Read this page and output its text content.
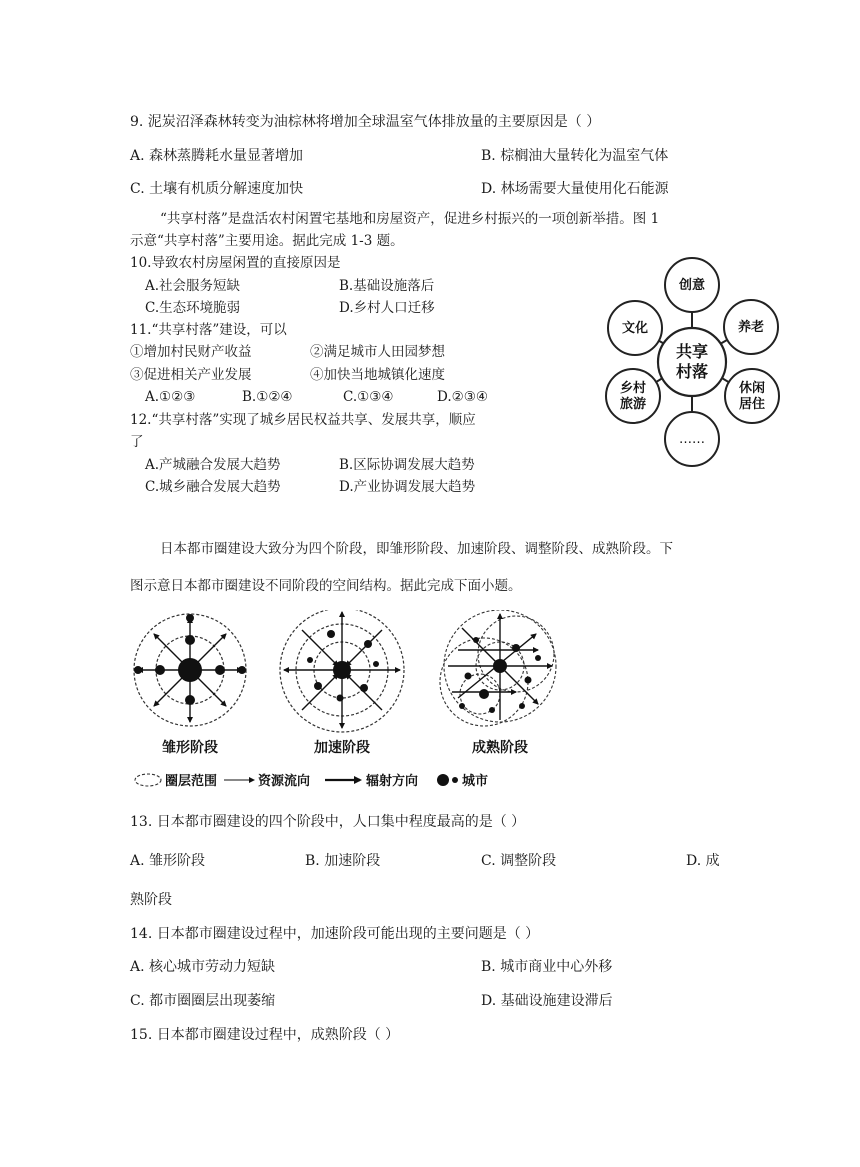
9. 泥炭沼泽森林转变为油棕林将增加全球温室气体排放量的主要原因是（ ）
A. 森林蒸腾耗水量显著增加	B. 棕榈油大量转化为温室气体
C. 土壤有机质分解速度加快	D. 林场需要大量使用化石能源
“共享村落”是盘活农村闲置宅基地和房屋资产，促进乡村振兴的一项创新举措。图 1
示意“共享村落”主要用途。据此完成 1-3 题。
10.导致农村房屋闲置的直接原因是
A.社会服务短缺	B.基础设施落后
C.生态环境脆弱	D.乡村人口迁移
11.“共享村落”建设，可以
①增加村民财产收益	②满足城市人田园梦想
③促进相关产业发展	④加快当地城镇化速度
A.①②③	B.①②④	C.①③④	D.②③④
12.“共享村落”实现了城乡居民权益共享、发展共享，顺应
了
A.产城融合发展大趋势	B.区际协调发展大趋势
C.城乡融合发展大趋势	D.产业协调发展大趋势
共享
村落
创意
养老
休闲
居住
……
乡村
旅游
文化
日本都市圈建设大致分为四个阶段，即雏形阶段、加速阶段、调整阶段、成熟阶段。下
图示意日本都市圈建设不同阶段的空间结构。据此完成下面小题。
雏形阶段	加速阶段	成熟阶段
圈层范围	资源流向	辐射方向	城市
13. 日本都市圈建设的四个阶段中，人口集中程度最高的是（ ）
A. 雏形阶段	B. 加速阶段	C. 调整阶段	D. 成
熟阶段
14. 日本都市圈建设过程中，加速阶段可能出现的主要问题是（ ）
A. 核心城市劳动力短缺	B. 城市商业中心外移
C. 都市圈圈层出现萎缩	D. 基础设施建设滞后
15. 日本都市圈建设过程中，成熟阶段（ ）
